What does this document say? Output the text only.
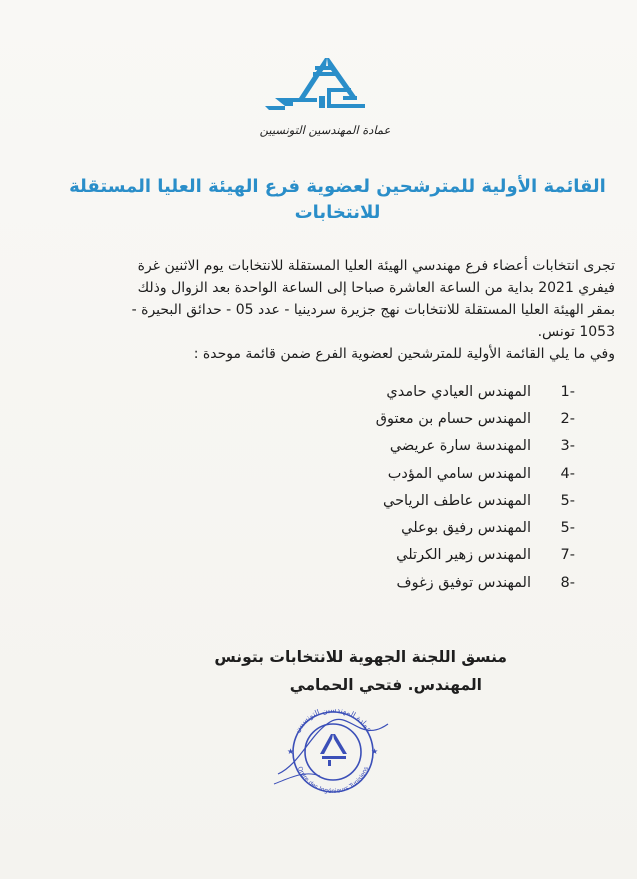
عمادة المهندسين التونسيين
القائمة الأولية للمترشحين لعضوية فرع الهيئة العليا المستقلة
للانتخابات
تجرى انتخابات أعضاء فرع مهندسي الهيئة العليا المستقلة للانتخابات يوم الاثنين غرة
فيفري 2021 بداية من الساعة العاشرة صباحا إلى الساعة الواحدة بعد الزوال وذلك
بمقر الهيئة العليا المستقلة للانتخابات نهج جزيرة سردينيا - عدد 05 - حدائق البحيرة -
1053 تونس.
وفي ما يلي القائمة الأولية للمترشحين لعضوية الفرع ضمن قائمة موحدة :
-1
المهندس العيادي حامدي
-2
المهندس حسام بن معتوق
-3
المهندسة سارة عريضي
-4
المهندس سامي المؤدب
-5
المهندس عاطف الرياحي
-5
المهندس رفيق بوعلي
-7
المهندس زهير الكرتلي
-8
المهندس توفيق زغوف
منسق اللجنة الجهوية للانتخابات بتونس
المهندس. فتحي الحمامي
عمادة المهندسين التونسيين
Ordre des Ingénieurs Tunisiens
★
★
